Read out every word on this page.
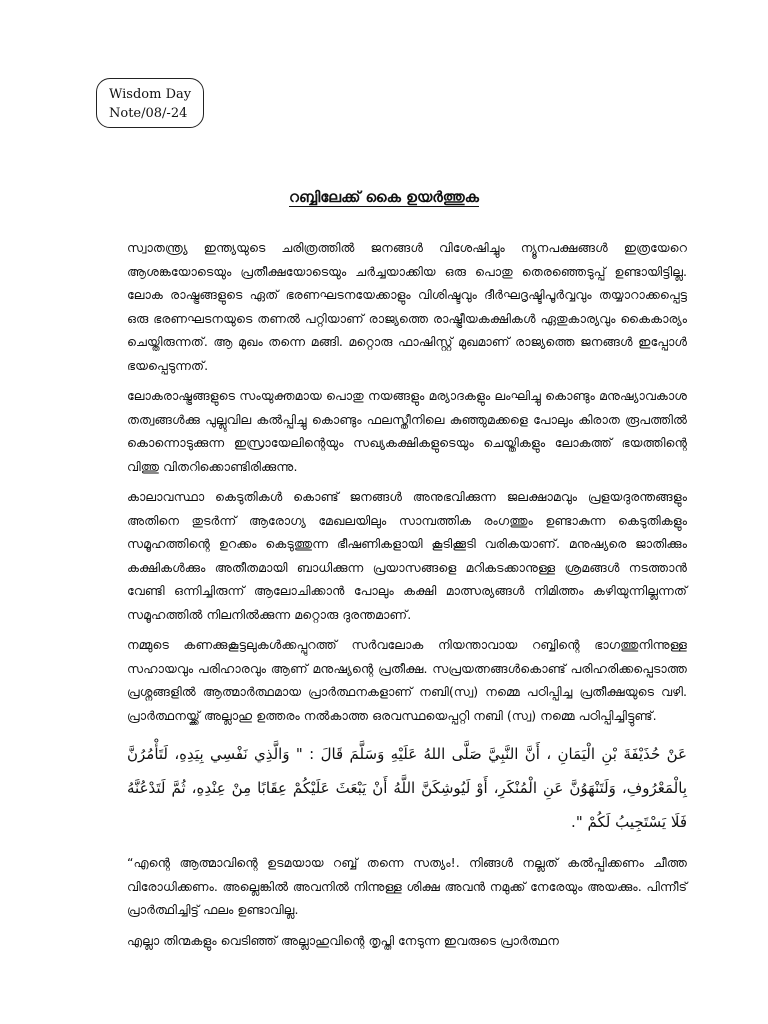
Wisdom Day
Note/08/-24
റബ്ബിലേക്ക് കൈ ഉയർത്തുക

സ്വാതന്ത്ര്യ ഇന്ത്യയുടെ ചരിത്രത്തിൽ ജനങ്ങൾ വിശേഷിച്ചും ന്യൂനപക്ഷങ്ങൾ ഇത്രയേറെ ആശങ്കയോടെയും പ്രതീക്ഷയോടെയും ചർച്ചയാക്കിയ ഒരു പൊതു തെരഞ്ഞെടുപ്പ് ഉണ്ടായിട്ടില്ല. ലോക രാഷ്ട്രങ്ങളുടെ ഏത് ഭരണഘടനയേക്കാളും വിശിഷ്ടവും ദീർഘദൃഷ്ടിപൂർവ്വവും തയ്യാറാക്കപ്പെട്ട ഒരു ഭരണഘടനയുടെ തണൽ പറ്റിയാണ് രാജ്യത്തെ രാഷ്ട്രീയകക്ഷികൾ ഏതുകാര്യവും കൈകാര്യം ചെയ്തിരുന്നത്. ആ മുഖം തന്നെ മങ്ങി. മറ്റൊരു ഫാഷിസ്റ്റ് മുഖമാണ് രാജ്യത്തെ ജനങ്ങൾ ഇപ്പോൾ ഭയപ്പെടുന്നത്.

ലോകരാഷ്ട്രങ്ങളുടെ സംയുക്തമായ പൊതു നയങ്ങളും മര്യാദകളും ലംഘിച്ചു കൊണ്ടും മനുഷ്യാവകാശ തത്വങ്ങൾക്കു പുല്ലുവില കൽപ്പിച്ചു കൊണ്ടും ഫലസ്തീനിലെ കുഞ്ഞുമക്കളെ പോലും കിരാത രൂപത്തിൽ കൊന്നൊടുക്കുന്ന ഇസ്രായേലിന്റെയും സഖ്യകക്ഷികളുടെയും ചെയ്തികളും ലോകത്ത് ഭയത്തിന്റെ വിത്തു വിതറിക്കൊണ്ടിരിക്കുന്നു.

കാലാവസ്ഥാ കെടുതികൾ കൊണ്ട് ജനങ്ങൾ അനുഭവിക്കുന്ന ജലക്ഷാമവും പ്രളയദുരന്തങ്ങളും അതിനെ തുടർന്ന് ആരോഗ്യ മേഖലയിലും സാമ്പത്തിക രംഗത്തും ഉണ്ടാകുന്ന കെടുതികളും സമൂഹത്തിന്റെ ഉറക്കം കെടുത്തുന്ന ഭീഷണികളായി കൂടിക്കൂടി വരികയാണ്. മനുഷ്യരെ ജാതിക്കും കക്ഷികൾക്കും അതീതമായി ബാധിക്കുന്ന പ്രയാസങ്ങളെ മറികടക്കാനുള്ള ശ്രമങ്ങൾ നടത്താൻ വേണ്ടി ഒന്നിച്ചിരുന്ന് ആലോചിക്കാൻ പോലും കക്ഷി മാത്സര്യങ്ങൾ നിമിത്തം കഴിയുന്നില്ലന്നത് സമൂഹത്തിൽ നിലനിൽക്കുന്ന മറ്റൊരു ദുരന്തമാണ്.

നമ്മുടെ കണക്കുകൂട്ടലുകൾക്കപ്പുറത്ത് സർവലോക നിയന്താവായ റബ്ബിന്റെ ഭാഗത്തുനിന്നുള്ള സഹായവും പരിഹാരവും ആണ് മനുഷ്യന്റെ പ്രതീക്ഷ. സപ്രയത്നങ്ങൾകൊണ്ട് പരിഹരിക്കപ്പെടാത്ത പ്രശ്നങ്ങളിൽ ആത്മാർത്ഥമായ പ്രാർത്ഥനകളാണ് നബി(സ്വ) നമ്മെ പഠിപ്പിച്ച പ്രതീക്ഷയുടെ വഴി. പ്രാർത്ഥനയ്ക്ക് അല്ലാഹു ഉത്തരം നൽകാത്ത ഒരവസ്ഥയെപ്പറ്റി നബി (സ്വ) നമ്മെ പഠിപ്പിച്ചിട്ടുണ്ട്.

عَنْ حُذَيْفَةَ بْنِ الْيَمَانِ ، أَنَّ النَّبِيَّ صَلَّى اللهُ عَلَيْهِ وَسَلَّمَ قَالَ : " وَالَّذِي نَفْسِي بِيَدِهِ، لَتَأْمُرُنَّ بِالْمَعْرُوفِ، وَلَتَنْهَوُنَّ عَنِ الْمُنْكَرِ، أَوْ لَيُوشِكَنَّ اللَّهُ أَنْ يَبْعَثَ عَلَيْكُمْ عِقَابًا مِنْ عِنْدِهِ، ثُمَّ لَتَدْعُنَّهُ فَلَا يَسْتَجِيبُ لَكُمْ ".

“എന്റെ ആത്മാവിന്റെ ഉടമയായ റബ്ബ് തന്നെ സത്യം!. നിങ്ങൾ നല്ലത് കൽപ്പിക്കണം ചീത്ത വിരോധിക്കണം. അല്ലെങ്കിൽ അവനിൽ നിന്നുള്ള ശിക്ഷ അവൻ നമുക്ക് നേരേയും അയക്കും. പിന്നീട് പ്രാർത്ഥിച്ചിട്ട് ഫലം ഉണ്ടാവില്ല.

എല്ലാ തിന്മകളും വെടിഞ്ഞ് അല്ലാഹുവിന്റെ തൃപ്തി നേടുന്ന ഇവരുടെ പ്രാർത്ഥന
